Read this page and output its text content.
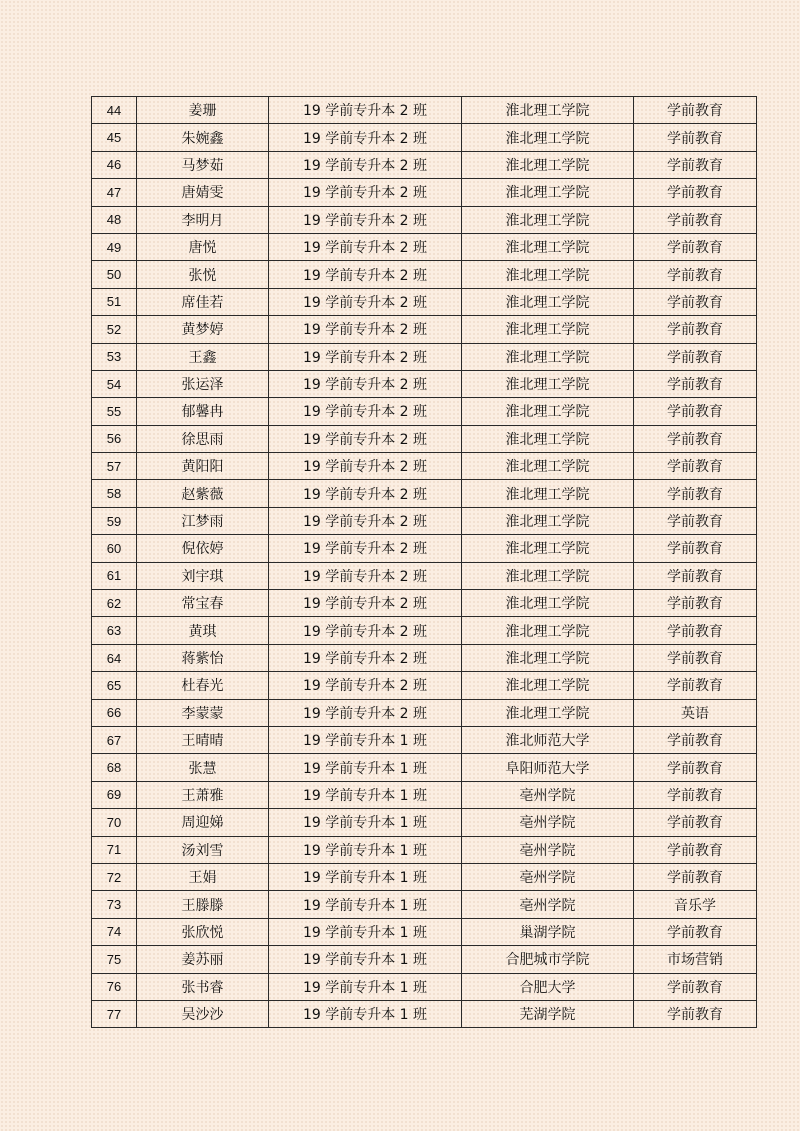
44	姜珊	19 学前专升本 2 班	淮北理工学院	学前教育
45	朱婉鑫	19 学前专升本 2 班	淮北理工学院	学前教育
46	马梦茹	19 学前专升本 2 班	淮北理工学院	学前教育
47	唐婧雯	19 学前专升本 2 班	淮北理工学院	学前教育
48	李明月	19 学前专升本 2 班	淮北理工学院	学前教育
49	唐悦	19 学前专升本 2 班	淮北理工学院	学前教育
50	张悦	19 学前专升本 2 班	淮北理工学院	学前教育
51	席佳若	19 学前专升本 2 班	淮北理工学院	学前教育
52	黄梦婷	19 学前专升本 2 班	淮北理工学院	学前教育
53	王鑫	19 学前专升本 2 班	淮北理工学院	学前教育
54	张运泽	19 学前专升本 2 班	淮北理工学院	学前教育
55	郁馨冉	19 学前专升本 2 班	淮北理工学院	学前教育
56	徐思雨	19 学前专升本 2 班	淮北理工学院	学前教育
57	黄阳阳	19 学前专升本 2 班	淮北理工学院	学前教育
58	赵紫薇	19 学前专升本 2 班	淮北理工学院	学前教育
59	江梦雨	19 学前专升本 2 班	淮北理工学院	学前教育
60	倪依婷	19 学前专升本 2 班	淮北理工学院	学前教育
61	刘宇琪	19 学前专升本 2 班	淮北理工学院	学前教育
62	常宝春	19 学前专升本 2 班	淮北理工学院	学前教育
63	黄琪	19 学前专升本 2 班	淮北理工学院	学前教育
64	蒋紫怡	19 学前专升本 2 班	淮北理工学院	学前教育
65	杜春光	19 学前专升本 2 班	淮北理工学院	学前教育
66	李蒙蒙	19 学前专升本 2 班	淮北理工学院	英语
67	王晴晴	19 学前专升本 1 班	淮北师范大学	学前教育
68	张慧	19 学前专升本 1 班	阜阳师范大学	学前教育
69	王萧雅	19 学前专升本 1 班	亳州学院	学前教育
70	周迎娣	19 学前专升本 1 班	亳州学院	学前教育
71	汤刘雪	19 学前专升本 1 班	亳州学院	学前教育
72	王娟	19 学前专升本 1 班	亳州学院	学前教育
73	王滕滕	19 学前专升本 1 班	亳州学院	音乐学
74	张欣悦	19 学前专升本 1 班	巢湖学院	学前教育
75	姜苏丽	19 学前专升本 1 班	合肥城市学院	市场营销
76	张书睿	19 学前专升本 1 班	合肥大学	学前教育
77	吴沙沙	19 学前专升本 1 班	芜湖学院	学前教育
